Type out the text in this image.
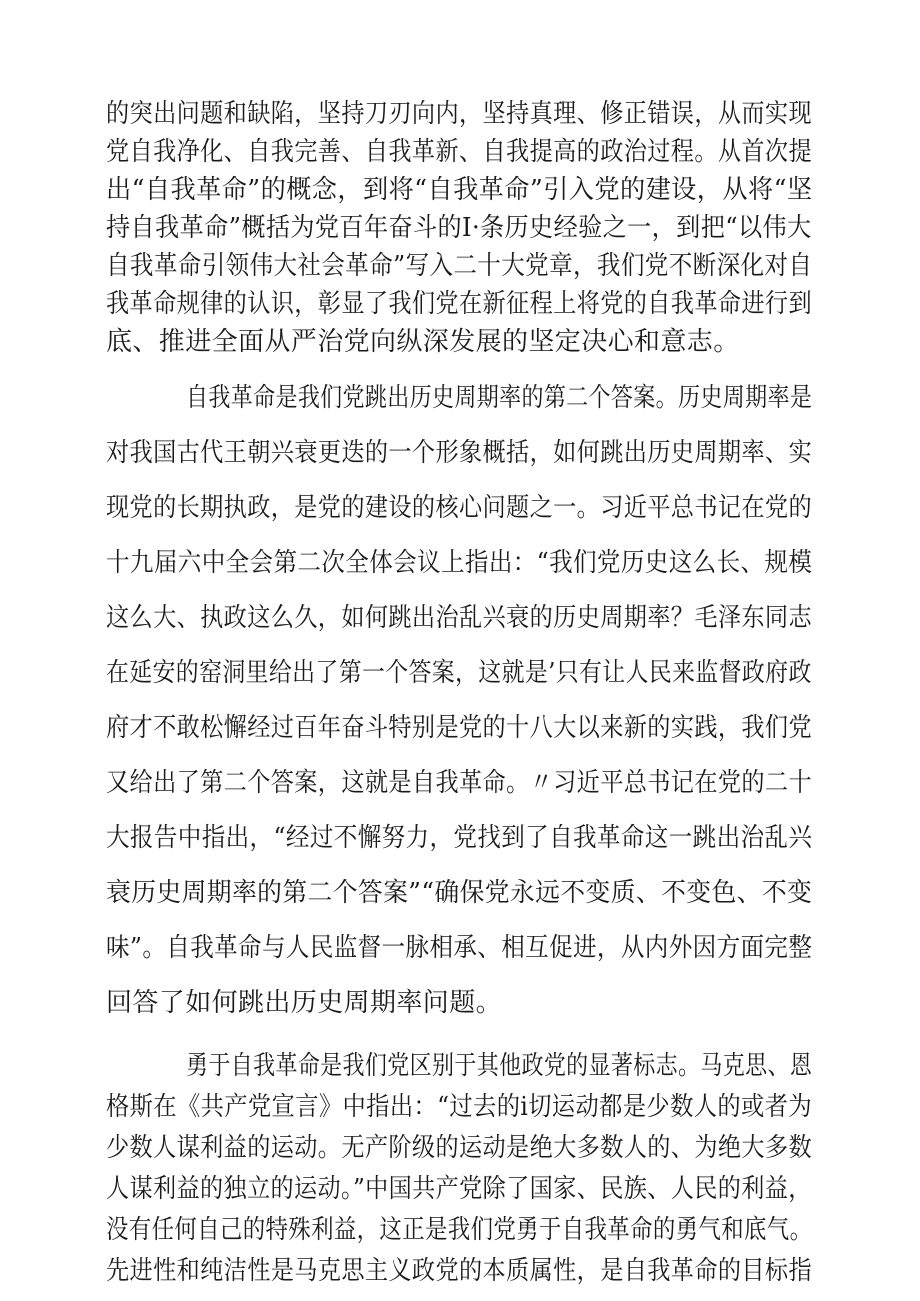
的突出问题和缺陷，坚持刀刃向内，坚持真理、修正错误，从而实现
党自我净化、自我完善、自我革新、自我提高的政治过程。从首次提
出“自我革命”的概念，到将“自我革命”引入党的建设，从将“坚
持自我革命”概括为党百年奋斗的I·条历史经验之一，到把“以伟大
自我革命引领伟大社会革命”写入二十大党章，我们党不断深化对自
我革命规律的认识，彰显了我们党在新征程上将党的自我革命进行到
底、推进全面从严治党向纵深发展的坚定决心和意志。
自我革命是我们党跳出历史周期率的第二个答案。历史周期率是
对我国古代王朝兴衰更迭的一个形象概括，如何跳出历史周期率、实
现党的长期执政，是党的建设的核心问题之一。习近平总书记在党的
十九届六中全会第二次全体会议上指出：“我们党历史这么长、规模
这么大、执政这么久，如何跳出治乱兴衰的历史周期率？毛泽东同志
在延安的窑洞里给出了第一个答案，这就是’只有让人民来监督政府政
府才不敢松懈经过百年奋斗特别是党的十八大以来新的实践，我们党
又给出了第二个答案，这就是自我革命。〃习近平总书记在党的二十
大报告中指出，“经过不懈努力，党找到了自我革命这一跳出治乱兴
衰历史周期率的第二个答案”“确保党永远不变质、不变色、不变
味”。自我革命与人民监督一脉相承、相互促进，从内外因方面完整
回答了如何跳出历史周期率问题。
勇于自我革命是我们党区别于其他政党的显著标志。马克思、恩
格斯在《共产党宣言》中指出：“过去的i切运动都是少数人的或者为
少数人谋利益的运动。无产阶级的运动是绝大多数人的、为绝大多数
人谋利益的独立的运动。”中国共产党除了国家、民族、人民的利益，
没有任何自己的特殊利益，这正是我们党勇于自我革命的勇气和底气。
先进性和纯洁性是马克思主义政党的本质属性，是自我革命的目标指
